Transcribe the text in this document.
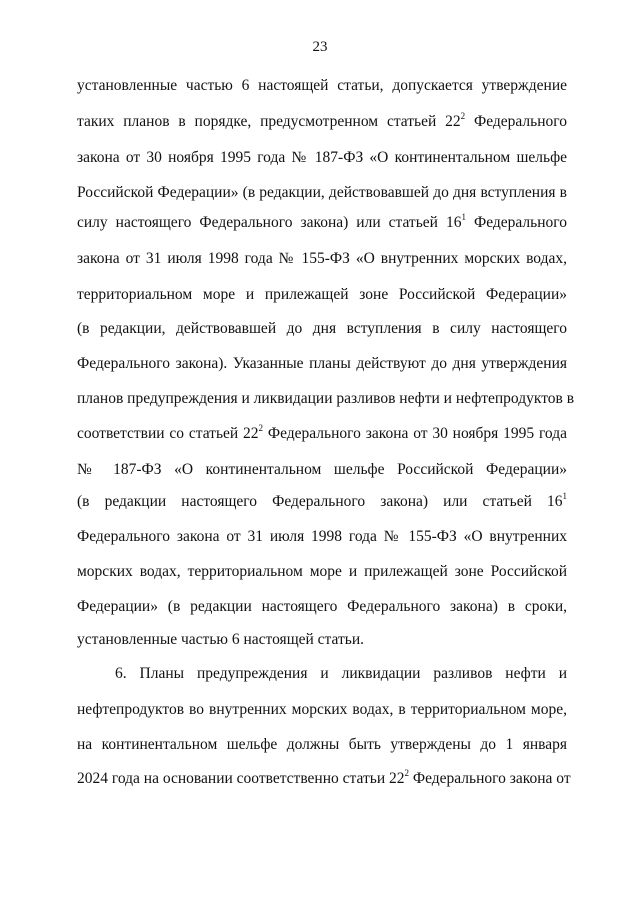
23
установленные частью 6 настоящей статьи, допускается утверждение
таких планов в порядке, предусмотренном статьей $22^2$ Федерального
закона от 30 ноября 1995 года № 187-ФЗ «О континентальном шельфе
Российской Федерации» (в редакции, действовавшей до дня вступления в
силу настоящего Федерального закона) или статьей $16^1$ Федерального
закона от 31 июля 1998 года № 155-ФЗ «О внутренних морских водах,
территориальном море и прилежащей зоне Российской Федерации»
(в редакции, действовавшей до дня вступления в силу настоящего
Федерального закона). Указанные планы действуют до дня утверждения
планов предупреждения и ликвидации разливов нефти и нефтепродуктов в
соответствии со статьей $22^2$ Федерального закона от 30 ноября 1995 года
№ 187-ФЗ «О континентальном шельфе Российской Федерации»
(в редакции настоящего Федерального закона) или статьей $16^1$
Федерального закона от 31 июля 1998 года № 155-ФЗ «О внутренних
морских водах, территориальном море и прилежащей зоне Российской
Федерации» (в редакции настоящего Федерального закона) в сроки,
установленные частью 6 настоящей статьи.
6. Планы предупреждения и ликвидации разливов нефти и
нефтепродуктов во внутренних морских водах, в территориальном море,
на континентальном шельфе должны быть утверждены до 1 января
2024 года на основании соответственно статьи $22^2$ Федерального закона от
